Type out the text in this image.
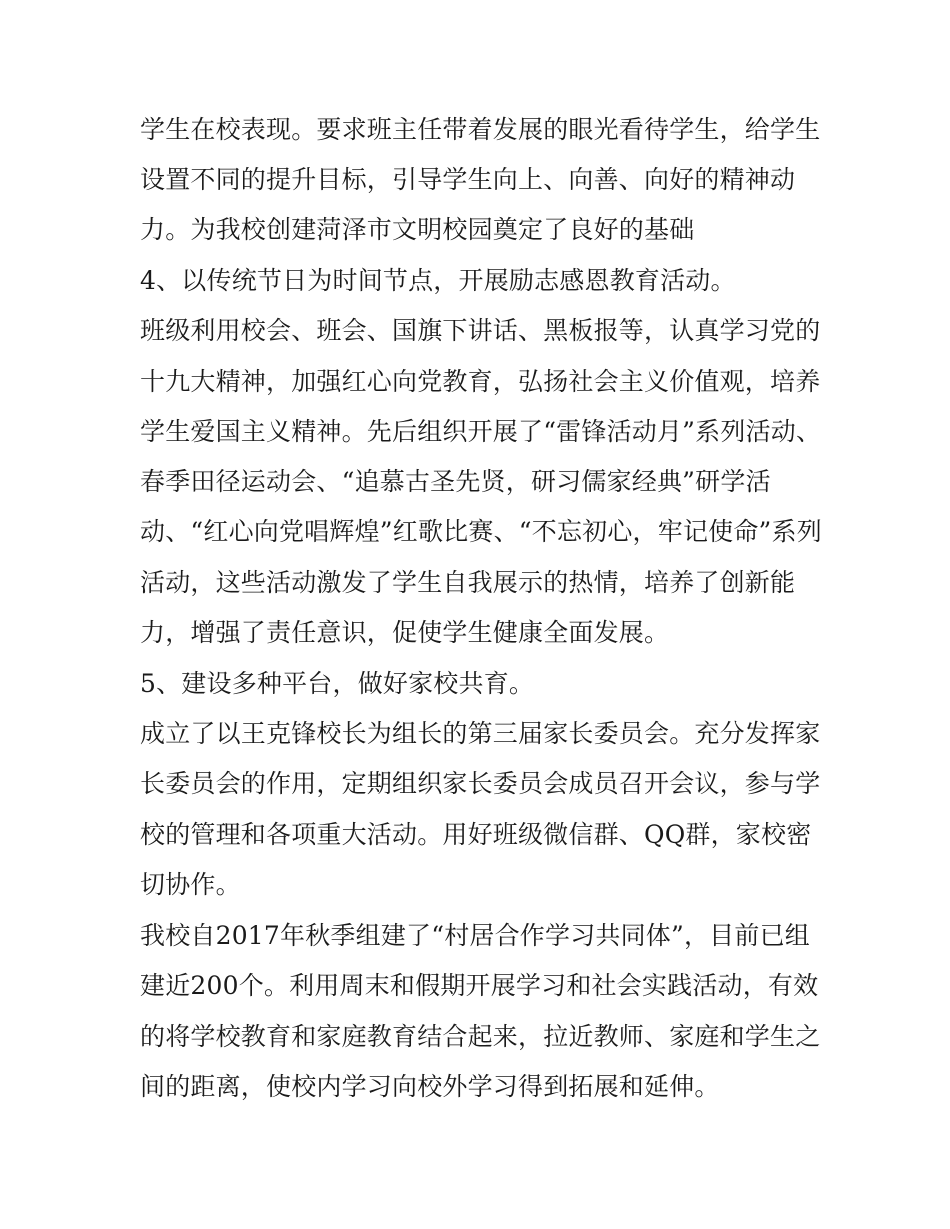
学生在校表现。要求班主任带着发展的眼光看待学生，给学生
设置不同的提升目标，引导学生向上、向善、向好的精神动
力。为我校创建菏泽市文明校园奠定了良好的基础
4、以传统节日为时间节点，开展励志感恩教育活动。
班级利用校会、班会、国旗下讲话、黑板报等，认真学习党的
十九大精神，加强红心向党教育，弘扬社会主义价值观，培养
学生爱国主义精神。先后组织开展了“雷锋活动月”系列活动、
春季田径运动会、“追慕古圣先贤，研习儒家经典”研学活
动、“红心向党唱辉煌”红歌比赛、“不忘初心，牢记使命”系列
活动，这些活动激发了学生自我展示的热情，培养了创新能
力，增强了责任意识，促使学生健康全面发展。
5、建设多种平台，做好家校共育。
成立了以王克锋校长为组长的第三届家长委员会。充分发挥家
长委员会的作用，定期组织家长委员会成员召开会议，参与学
校的管理和各项重大活动。用好班级微信群、QQ群，家校密
切协作。
我校自2017年秋季组建了“村居合作学习共同体”，目前已组
建近200个。利用周末和假期开展学习和社会实践活动，有效
的将学校教育和家庭教育结合起来，拉近教师、家庭和学生之
间的距离，使校内学习向校外学习得到拓展和延伸。
